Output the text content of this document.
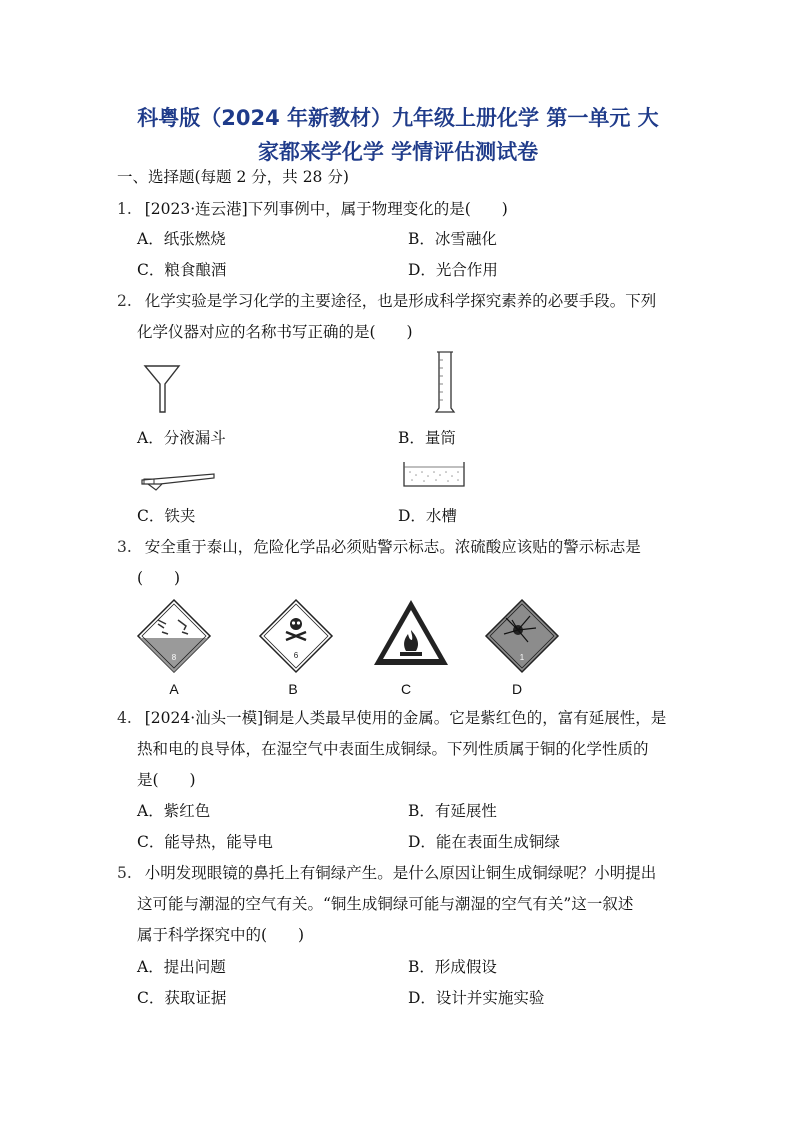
科粤版（2024 年新教材）九年级上册化学 第一单元 大
家都来学化学 学情评估测试卷
一、选择题(每题 2 分，共 28 分)
1. [2023·连云港]下列事例中，属于物理变化的是(　　)
A．纸张燃烧	B．冰雪融化
C．粮食酿酒	D．光合作用
2. 化学实验是学习化学的主要途径，也是形成科学探究素养的必要手段。下列
化学仪器对应的名称书写正确的是(　　)
A．分液漏斗	B．量筒
C．铁夹	D．水槽
3. 安全重于泰山，危险化学品必须贴警示标志。浓硫酸应该贴的警示标志是
(　　)
8	6	1
A	B	C	D
4. [2024·汕头一模]铜是人类最早使用的金属。它是紫红色的，富有延展性，是
热和电的良导体，在湿空气中表面生成铜绿。下列性质属于铜的化学性质的
是(　　)
A．紫红色	B．有延展性
C．能导热，能导电	D．能在表面生成铜绿
5. 小明发现眼镜的鼻托上有铜绿产生。是什么原因让铜生成铜绿呢？小明提出
这可能与潮湿的空气有关。“铜生成铜绿可能与潮湿的空气有关”这一叙述
属于科学探究中的(　　)
A．提出问题	B．形成假设
C．获取证据	D．设计并实施实验
